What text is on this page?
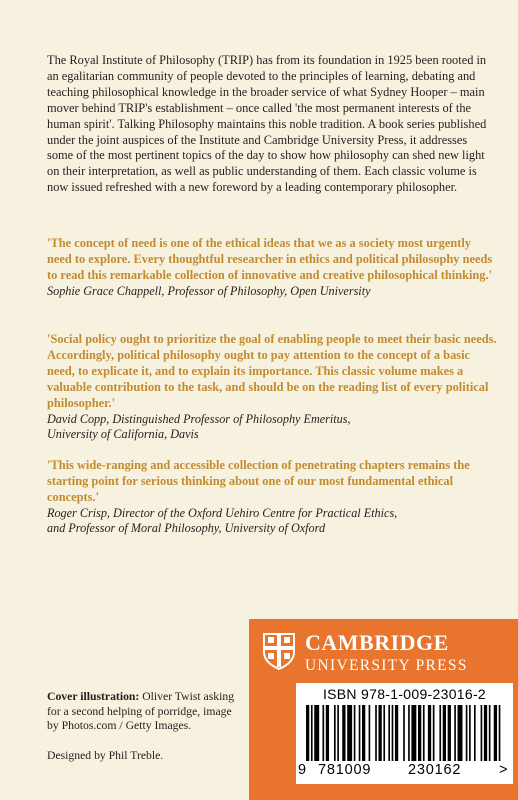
The Royal Institute of Philosophy (TRIP) has from its foundation in 1925 been rooted in an egalitarian community of people devoted to the principles of learning, debating and teaching philosophical knowledge in the broader service of what Sydney Hooper – main mover behind TRIP's establishment – once called 'the most permanent interests of the human spirit'. Talking Philosophy maintains this noble tradition. A book series published under the joint auspices of the Institute and Cambridge University Press, it addresses some of the most pertinent topics of the day to show how philosophy can shed new light on their interpretation, as well as public understanding of them. Each classic volume is now issued refreshed with a new foreword by a leading contemporary philosopher.

'The concept of need is one of the ethical ideas that we as a society most urgently need to explore. Every thoughtful researcher in ethics and political philosophy needs to read this remarkable collection of innovative and creative philosophical thinking.'

Sophie Grace Chappell, Professor of Philosophy, Open University

'Social policy ought to prioritize the goal of enabling people to meet their basic needs. Accordingly, political philosophy ought to pay attention to the concept of a basic need, to explicate it, and to explain its importance. This classic volume makes a valuable contribution to the task, and should be on the reading list of every political philosopher.'

David Copp, Distinguished Professor of Philosophy Emeritus,

University of California, Davis

'This wide-ranging and accessible collection of penetrating chapters remains the starting point for serious thinking about one of our most fundamental ethical concepts.'

Roger Crisp, Director of the Oxford Uehiro Centre for Practical Ethics,

and Professor of Moral Philosophy, University of Oxford

Cover illustration: Oliver Twist asking for a second helping of porridge, image by Photos.com / Getty Images.

Designed by Phil Treble.

CAMBRIDGE
UNIVERSITY PRESS
ISBN 978-1-009-23016-2
9 781009	230162	>
